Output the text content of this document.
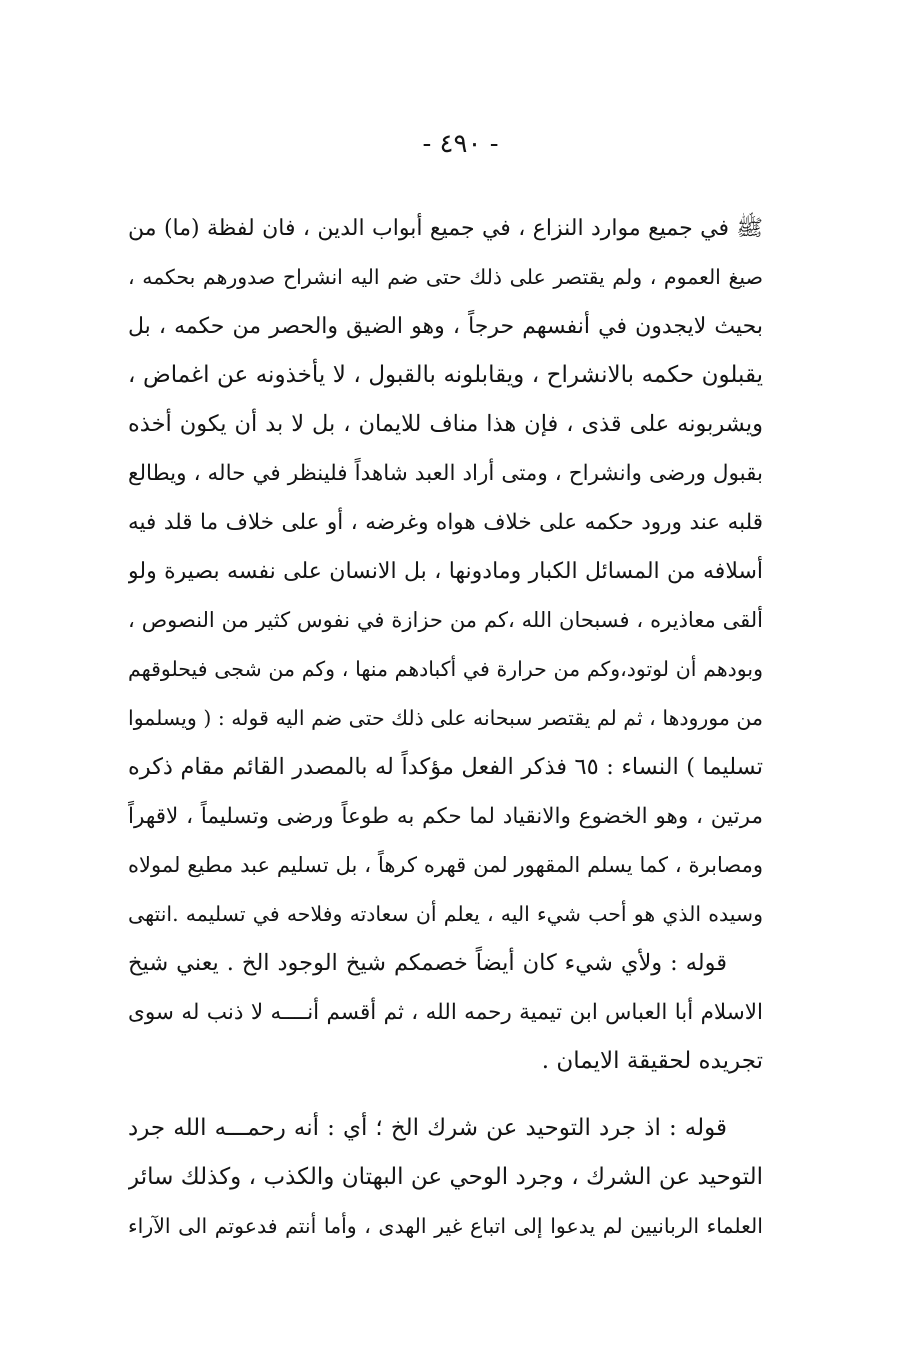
- ٤٩٠ -
ﷺ في جميع موارد النزاع ، في جميع أبواب الدين ، فان لفظة (ما) من
صيغ العموم ، ولم يقتصر على ذلك حتى ضم اليه انشراح صدورهم بحكمه ،
بحيث لايجدون في أنفسهم حرجاً ، وهو الضيق والحصر من حكمه ، بل
يقبلون حكمه بالانشراح ، ويقابلونه بالقبول ، لا يأخذونه عن اغماض ،
ويشربونه على قذى ، فإن هذا مناف للايمان ، بل لا بد أن يكون أخذه
بقبول ورضى وانشراح ، ومتى أراد العبد شاهداً فلينظر في حاله ، ويطالع
قلبه عند ورود حكمه على خلاف هواه وغرضه ، أو على خلاف ما قلد فيه
أسلافه من المسائل الكبار ومادونها ، بل الانسان على نفسه بصيرة ولو
ألقى معاذيره ، فسبحان الله ،كم من حزازة في نفوس كثير من النصوص ،
وبودهم أن لوتود،وكم من حرارة في أكبادهم منها ، وكم من شجى فيحلوقهم
من مورودها ، ثم لم يقتصر سبحانه على ذلك حتى ضم اليه قوله : ( ويسلموا
تسليما ) النساء : ٦٥ فذكر الفعل مؤكداً له بالمصدر القائم مقام ذكره
مرتين ، وهو الخضوع والانقياد لما حكم به طوعاً ورضى وتسليماً ، لاقهراً
ومصابرة ، كما يسلم المقهور لمن قهره كرهاً ، بل تسليم عبد مطيع لمولاه
وسيده الذي هو أحب شيء اليه ، يعلم أن سعادته وفلاحه في تسليمه .انتهى
قوله : ولأي شيء كان أيضاً خصمكم شيخ الوجود الخ . يعني شيخ
الاسلام أبا العباس ابن تيمية رحمه الله ، ثم أقسم أنــــه لا ذنب له سوى
تجريده لحقيقة الايمان .
قوله : اذ جرد التوحيد عن شرك الخ ؛ أي : أنه رحمـــه الله جرد
التوحيد عن الشرك ، وجرد الوحي عن البهتان والكذب ، وكذلك سائر
العلماء الربانيين لم يدعوا إلى اتباع غير الهدى ، وأما أنتم فدعوتم الى الآراء
